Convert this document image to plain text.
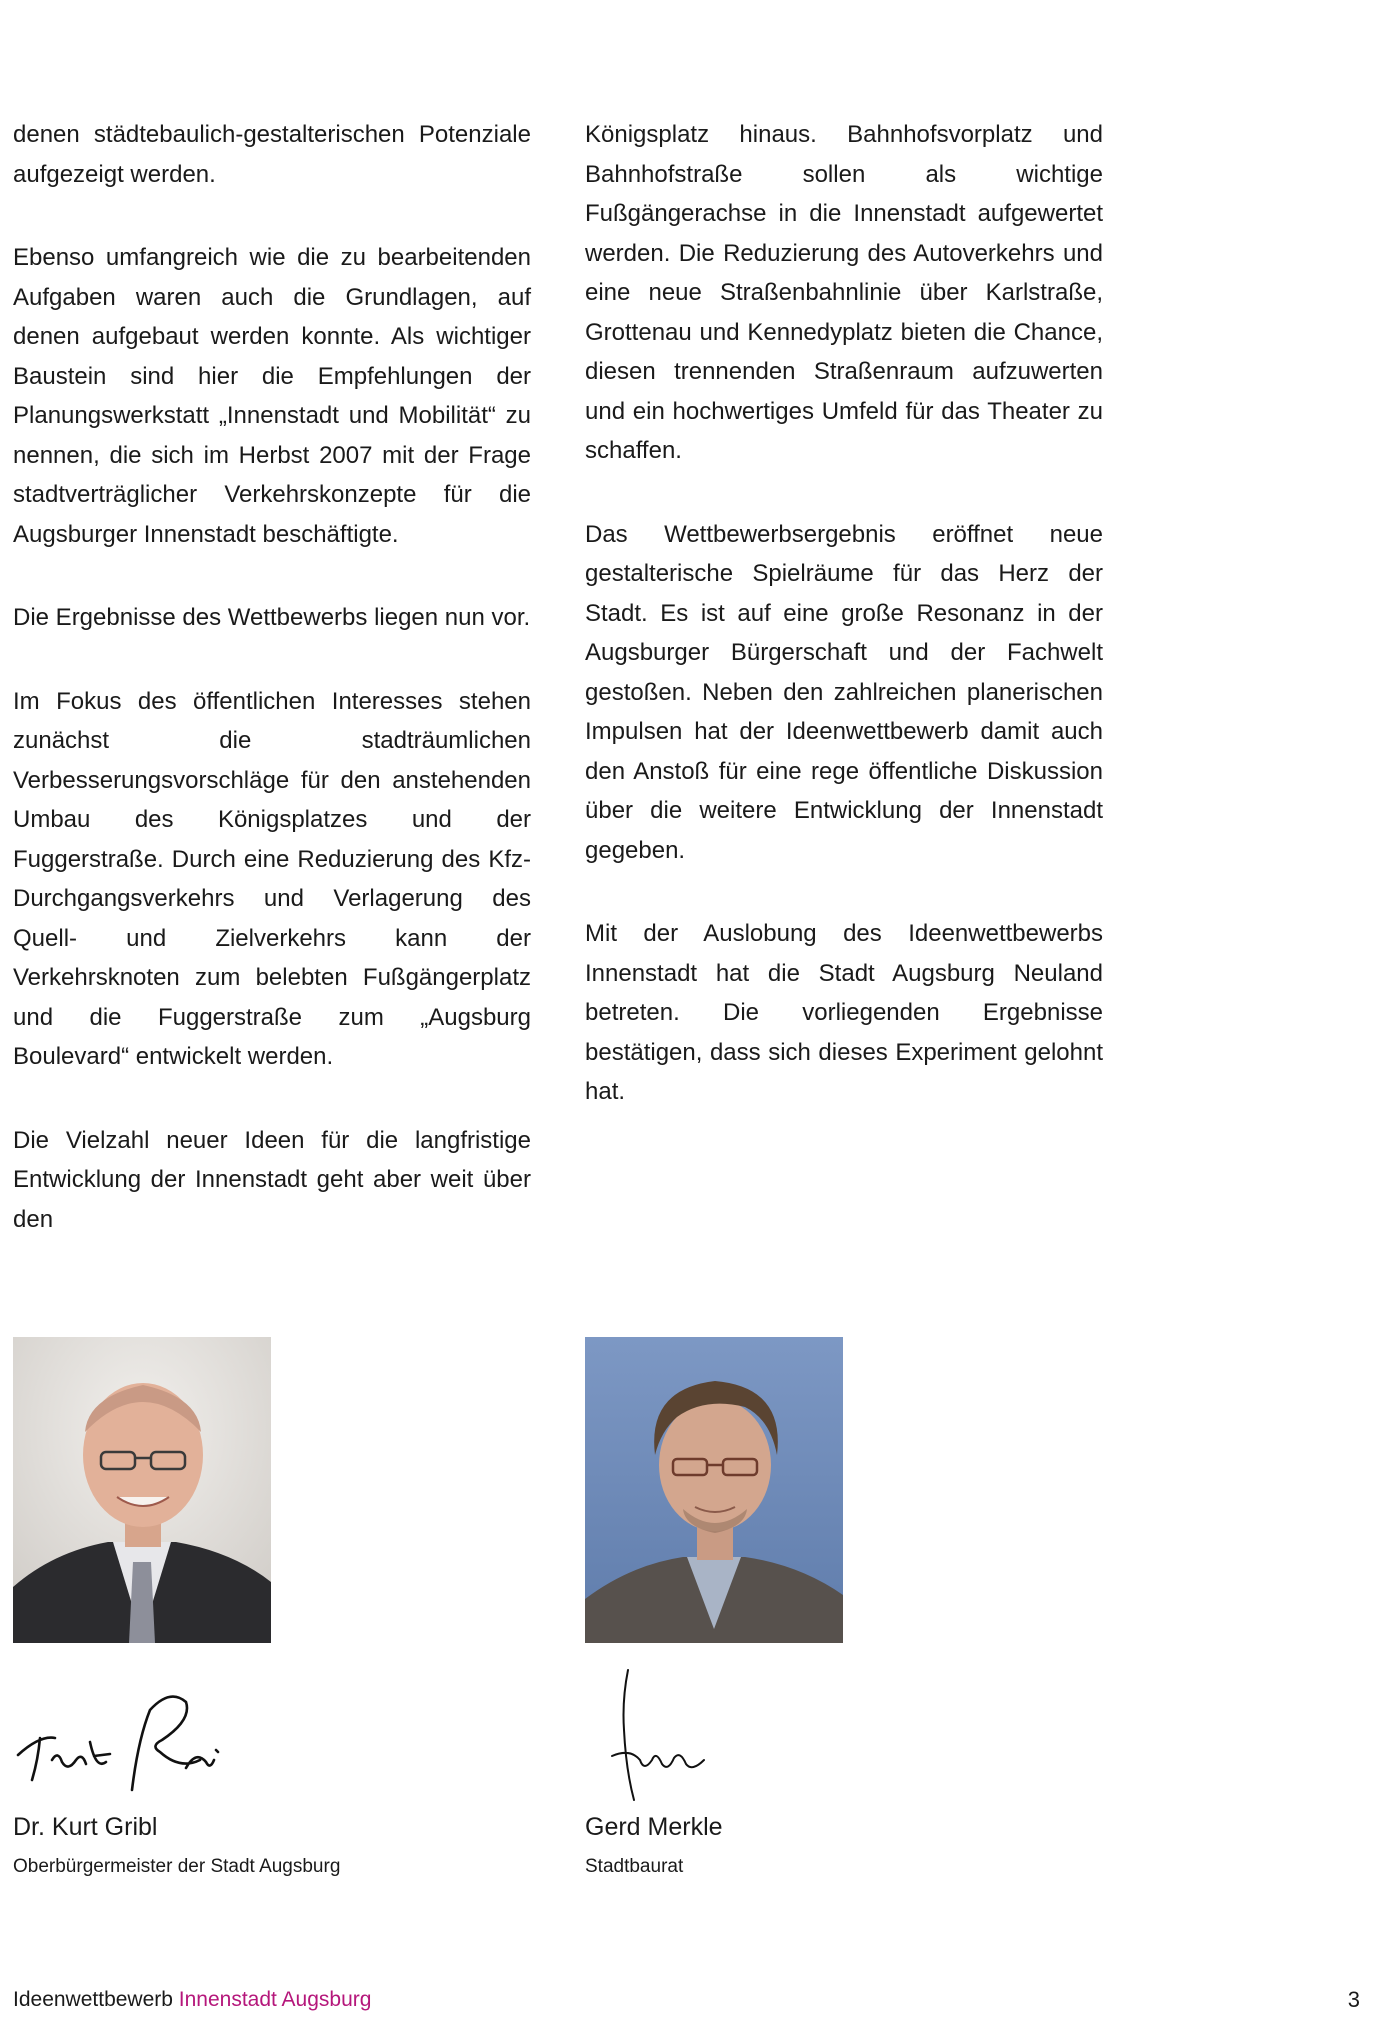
denen städtebaulich-gestalterischen Potenziale aufgezeigt werden.

Ebenso umfangreich wie die zu bearbeitenden Aufgaben waren auch die Grundlagen, auf denen aufgebaut werden konnte. Als wichtiger Baustein sind hier die Empfehlungen der Planungswerkstatt „Innenstadt und Mobilität“ zu nennen, die sich im Herbst 2007 mit der Frage stadtverträglicher Verkehrskonzepte für die Augsburger Innenstadt beschäftigte.

Die Ergebnisse des Wettbewerbs liegen nun vor.

Im Fokus des öffentlichen Interesses stehen zunächst die stadträumlichen Verbesserungsvorschläge für den anstehenden Umbau des Königsplatzes und der Fuggerstraße. Durch eine Reduzierung des Kfz-Durchgangsverkehrs und Verlagerung des Quell- und Zielverkehrs kann der Verkehrsknoten zum belebten Fußgängerplatz und die Fuggerstraße zum „Augsburg Boulevard“ entwickelt werden.

Die Vielzahl neuer Ideen für die langfristige Entwicklung der Innenstadt geht aber weit über den

Königsplatz hinaus. Bahnhofsvorplatz und Bahnhofstraße sollen als wichtige Fußgängerachse in die Innenstadt aufgewertet werden. Die Reduzierung des Autoverkehrs und eine neue Straßenbahnlinie über Karlstraße, Grottenau und Kennedyplatz bieten die Chance, diesen trennenden Straßenraum aufzuwerten und ein hochwertiges Umfeld für das Theater zu schaffen.

Das Wettbewerbsergebnis eröffnet neue gestalterische Spielräume für das Herz der Stadt. Es ist auf eine große Resonanz in der Augsburger Bürgerschaft und der Fachwelt gestoßen. Neben den zahlreichen planerischen Impulsen hat der Ideenwettbewerb damit auch den Anstoß für eine rege öffentliche Diskussion über die weitere Entwicklung der Innenstadt gegeben.

Mit der Auslobung des Ideenwettbewerbs Innenstadt hat die Stadt Augsburg Neuland betreten. Die vorliegenden Ergebnisse bestätigen, dass sich dieses Experiment gelohnt hat.

Dr. Kurt Gribl
Oberbürgermeister der Stadt Augsburg
Gerd Merkle
Stadtbaurat
Ideenwettbewerb Innenstadt Augsburg	3
